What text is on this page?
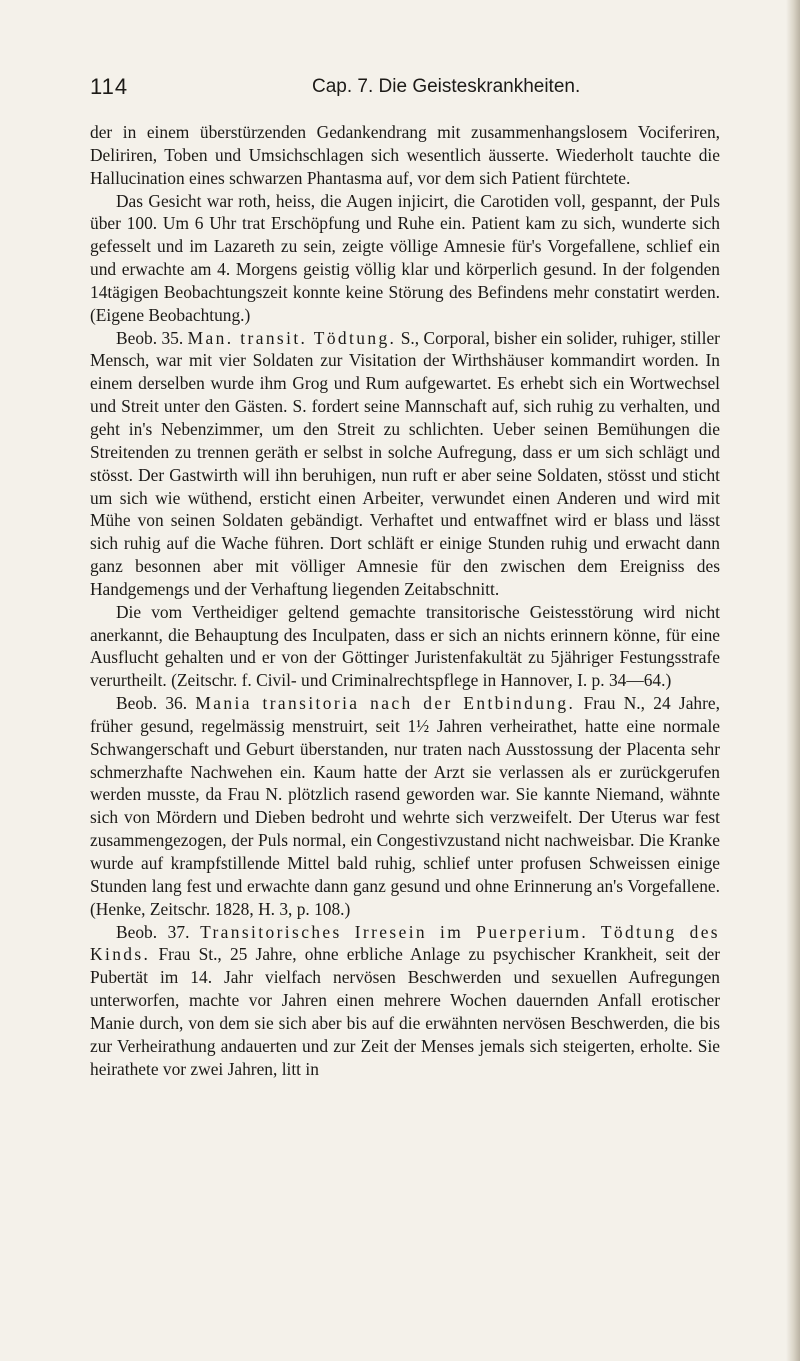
114	Cap. 7. Die Geisteskrankheiten.

der in einem überstürzenden Gedankendrang mit zusammenhangslosem Vociferiren, Deliriren, Toben und Umsichschlagen sich wesentlich äusserte. Wiederholt tauchte die Hallucination eines schwarzen Phantasma auf, vor dem sich Patient fürchtete.

Das Gesicht war roth, heiss, die Augen injicirt, die Carotiden voll, gespannt, der Puls über 100. Um 6 Uhr trat Erschöpfung und Ruhe ein. Patient kam zu sich, wunderte sich gefesselt und im Lazareth zu sein, zeigte völlige Amnesie für's Vorgefallene, schlief ein und erwachte am 4. Morgens geistig völlig klar und körperlich gesund. In der folgenden 14tägigen Beobachtungszeit konnte keine Störung des Befindens mehr constatirt werden. (Eigene Beobachtung.)

Beob. 35. Man. transit. Tödtung. S., Corporal, bisher ein solider, ruhiger, stiller Mensch, war mit vier Soldaten zur Visitation der Wirthshäuser kommandirt worden. In einem derselben wurde ihm Grog und Rum aufgewartet. Es erhebt sich ein Wortwechsel und Streit unter den Gästen. S. fordert seine Mannschaft auf, sich ruhig zu verhalten, und geht in's Nebenzimmer, um den Streit zu schlichten. Ueber seinen Bemühungen die Streitenden zu trennen geräth er selbst in solche Aufregung, dass er um sich schlägt und stösst. Der Gastwirth will ihn beruhigen, nun ruft er aber seine Soldaten, stösst und sticht um sich wie wüthend, ersticht einen Arbeiter, verwundet einen Anderen und wird mit Mühe von seinen Soldaten gebändigt. Verhaftet und entwaffnet wird er blass und lässt sich ruhig auf die Wache führen. Dort schläft er einige Stunden ruhig und erwacht dann ganz besonnen aber mit völliger Amnesie für den zwischen dem Ereigniss des Handgemengs und der Verhaftung liegenden Zeitabschnitt.

Die vom Vertheidiger geltend gemachte transitorische Geistesstörung wird nicht anerkannt, die Behauptung des Inculpaten, dass er sich an nichts erinnern könne, für eine Ausflucht gehalten und er von der Göttinger Juristenfakultät zu 5jähriger Festungsstrafe verurtheilt. (Zeitschr. f. Civil- und Criminalrechtspflege in Hannover, I. p. 34—64.)

Beob. 36. Mania transitoria nach der Entbindung. Frau N., 24 Jahre, früher gesund, regelmässig menstruirt, seit 1½ Jahren verheirathet, hatte eine normale Schwangerschaft und Geburt überstanden, nur traten nach Ausstossung der Placenta sehr schmerzhafte Nachwehen ein. Kaum hatte der Arzt sie verlassen als er zurückgerufen werden musste, da Frau N. plötzlich rasend geworden war. Sie kannte Niemand, wähnte sich von Mördern und Dieben bedroht und wehrte sich verzweifelt. Der Uterus war fest zusammengezogen, der Puls normal, ein Congestivzustand nicht nachweisbar. Die Kranke wurde auf krampfstillende Mittel bald ruhig, schlief unter profusen Schweissen einige Stunden lang fest und erwachte dann ganz gesund und ohne Erinnerung an's Vorgefallene. (Henke, Zeitschr. 1828, H. 3, p. 108.)

Beob. 37. Transitorisches Irresein im Puerperium. Tödtung des Kinds. Frau St., 25 Jahre, ohne erbliche Anlage zu psychischer Krankheit, seit der Pubertät im 14. Jahr vielfach nervösen Beschwerden und sexuellen Aufregungen unterworfen, machte vor Jahren einen mehrere Wochen dauernden Anfall erotischer Manie durch, von dem sie sich aber bis auf die erwähnten nervösen Beschwerden, die bis zur Verheirathung andauerten und zur Zeit der Menses jemals sich steigerten, erholte. Sie heirathete vor zwei Jahren, litt in
